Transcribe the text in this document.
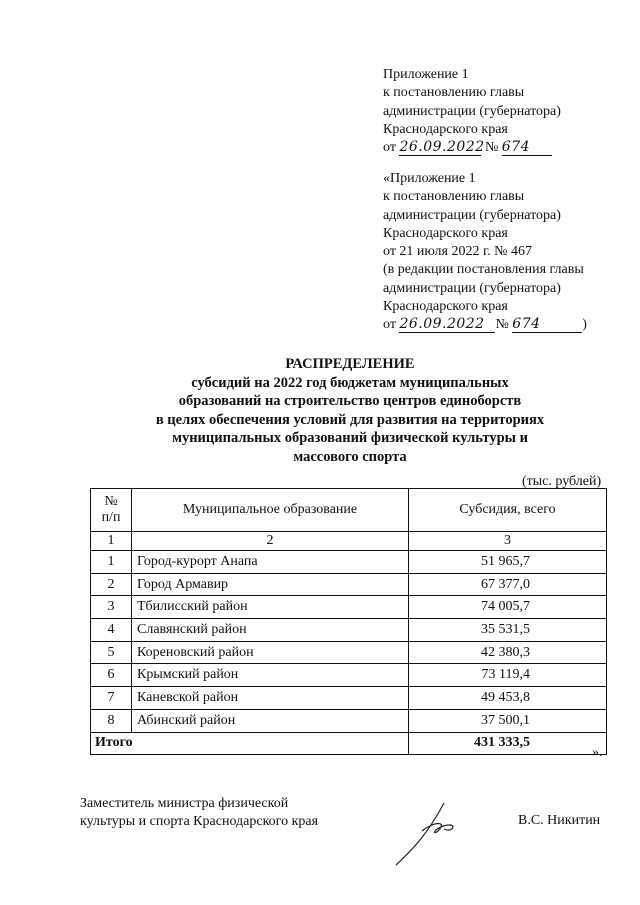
Приложение 1
к постановлению главы
администрации (губернатора)
Краснодарского края
от 26.09.2022 № 674
«Приложение 1
к постановлению главы
администрации (губернатора)
Краснодарского края
от 21 июля 2022 г. № 467
(в редакции постановления главы
администрации (губернатора)
Краснодарского края
от 26.09.2022 № 674	)
РАСПРЕДЕЛЕНИЕ
субсидий на 2022 год бюджетам муниципальных
образований на строительство центров единоборств
в целях обеспечения условий для развития на территориях
муниципальных образований физической культуры и
массового спорта
(тыс. рублей)
№
п/п	Муниципальное образование	Субсидия, всего
1	2	3
1	Город-курорт Анапа	51 965,7
2	Город Армавир	67 377,0
3	Тбилисский район	74 005,7
4	Славянский район	35 531,5
5	Кореновский район	42 380,3
6	Крымский район	73 119,4
7	Каневской район	49 453,8
8	Абинский район	37 500,1
Итого		431 333,5
».
Заместитель министра физической
культуры и спорта Краснодарского края	В.С. Никитин
